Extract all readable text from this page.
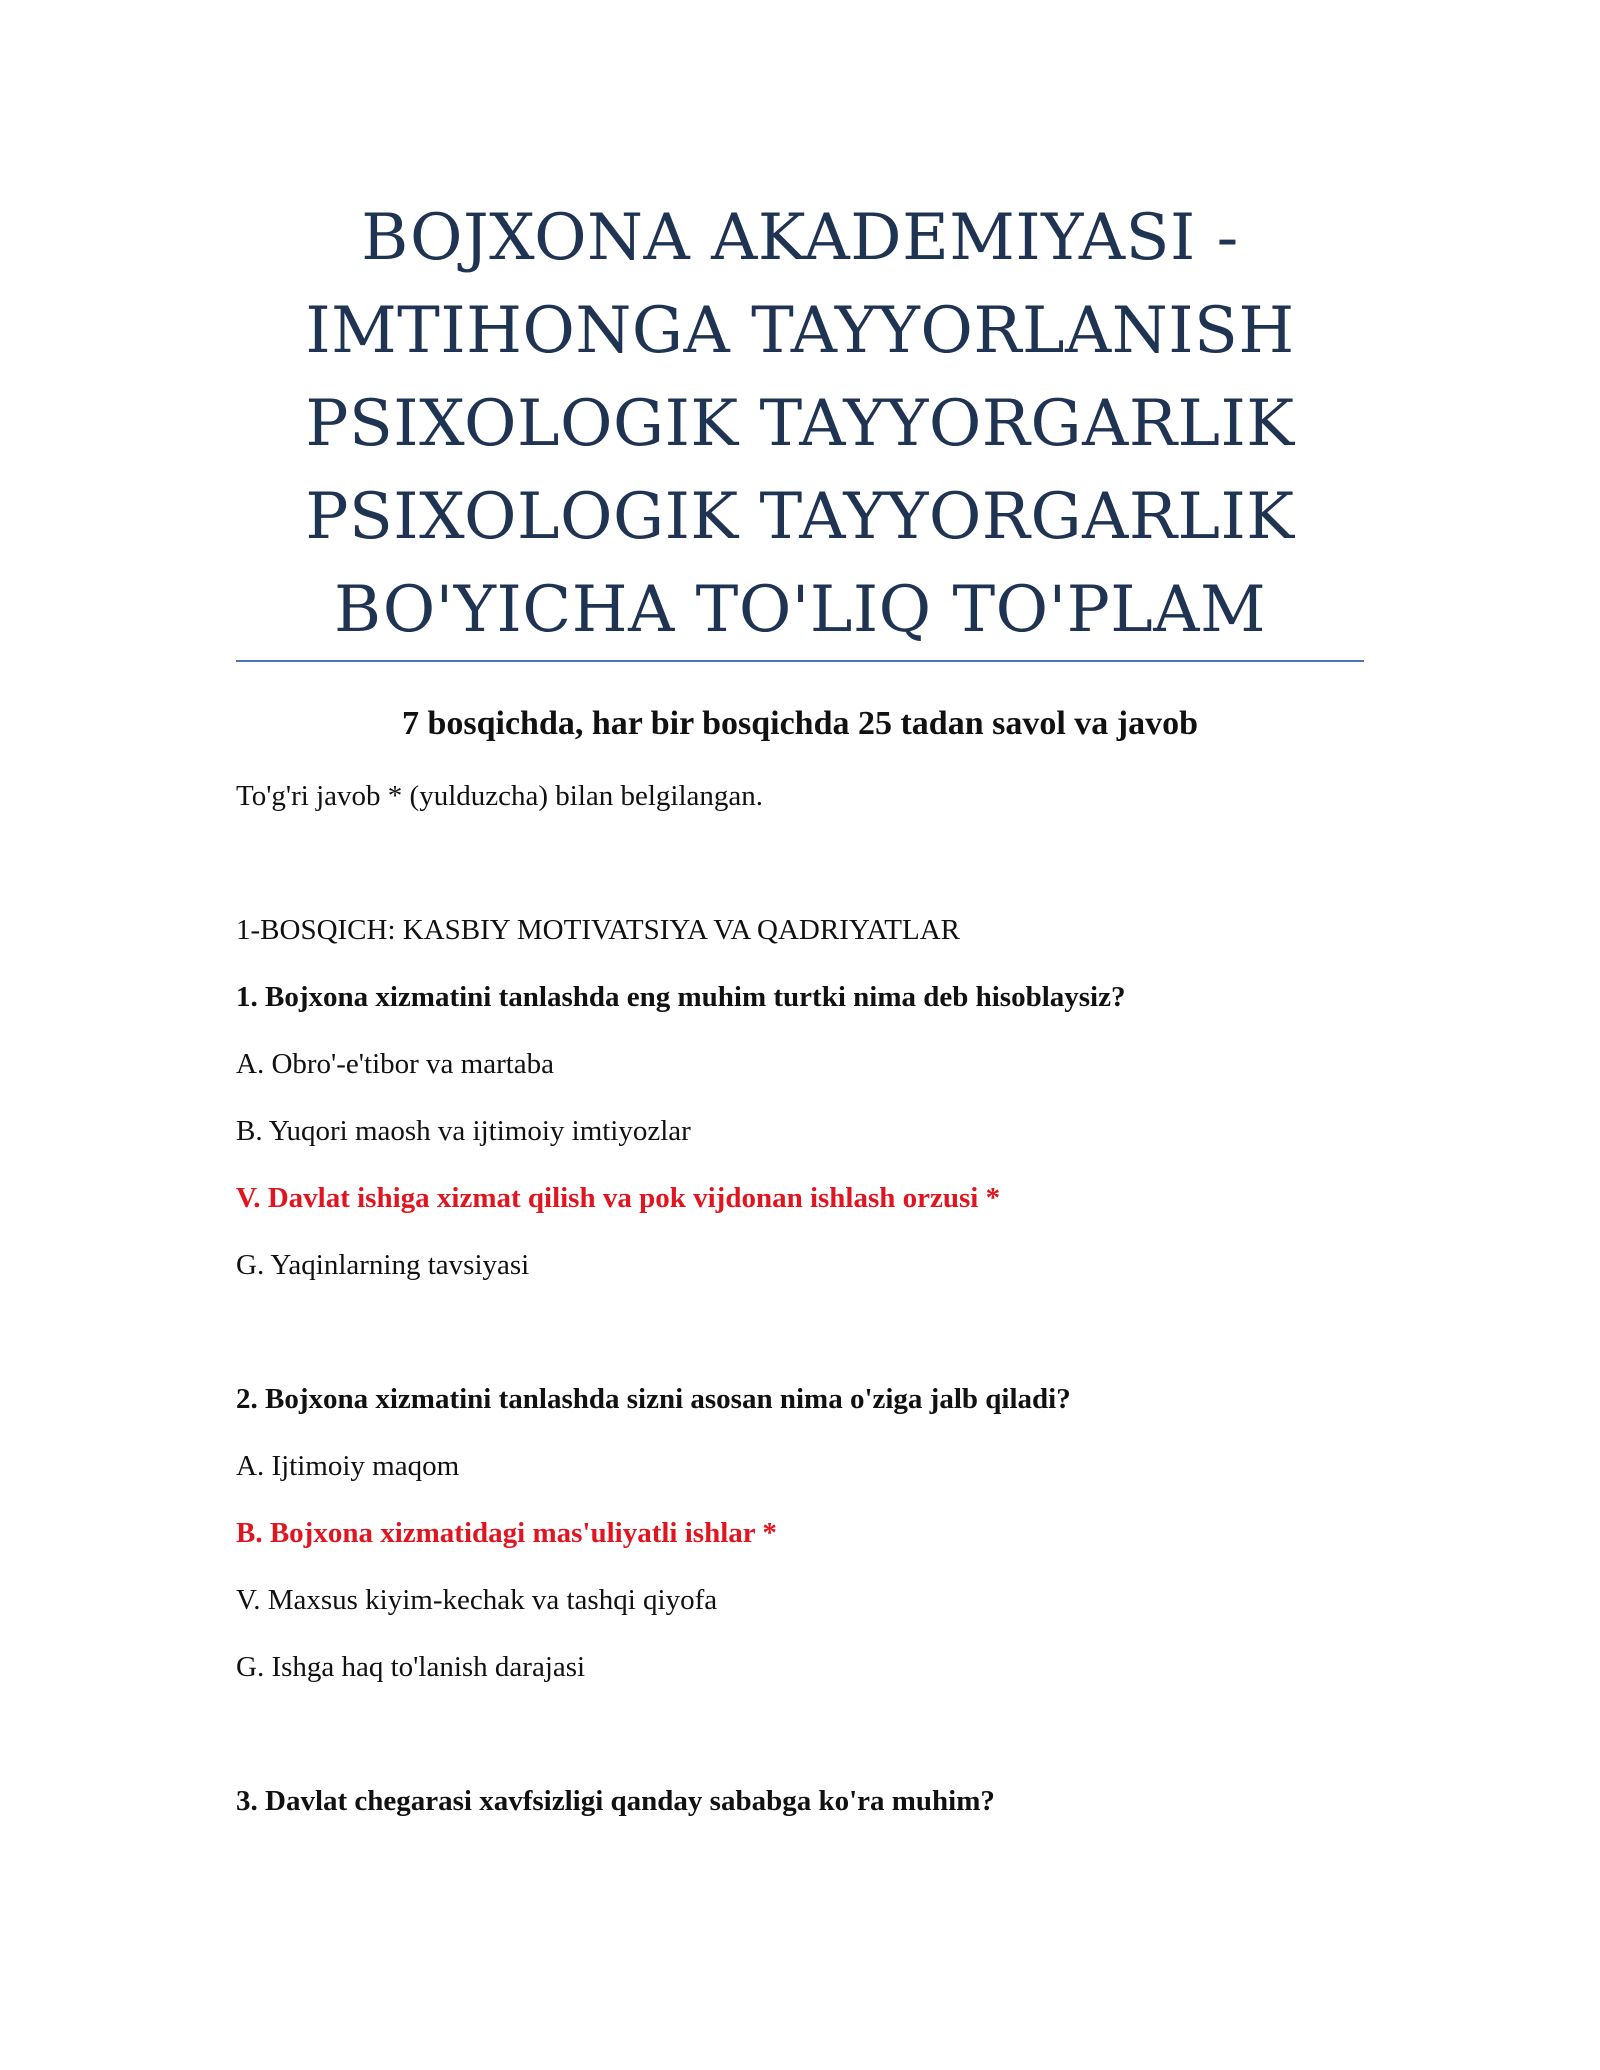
BOJXONA AKADEMIYASI -
IMTIHONGA TAYYORLANISH
PSIXOLOGIK TAYYORGARLIK
PSIXOLOGIK TAYYORGARLIK
BO'YICHA TO'LIQ TO'PLAM
7 bosqichda, har bir bosqichda 25 tadan savol va javob
To'g'ri javob * (yulduzcha) bilan belgilangan.
1-BOSQICH: KASBIY MOTIVATSIYA VA QADRIYATLAR
1. Bojxona xizmatini tanlashda eng muhim turtki nima deb hisoblaysiz?
A. Obro'-e'tibor va martaba
B. Yuqori maosh va ijtimoiy imtiyozlar
V. Davlat ishiga xizmat qilish va pok vijdonan ishlash orzusi *
G. Yaqinlarning tavsiyasi
2. Bojxona xizmatini tanlashda sizni asosan nima o'ziga jalb qiladi?
A. Ijtimoiy maqom
B. Bojxona xizmatidagi mas'uliyatli ishlar *
V. Maxsus kiyim-kechak va tashqi qiyofa
G. Ishga haq to'lanish darajasi
3. Davlat chegarasi xavfsizligi qanday sababga ko'ra muhim?
